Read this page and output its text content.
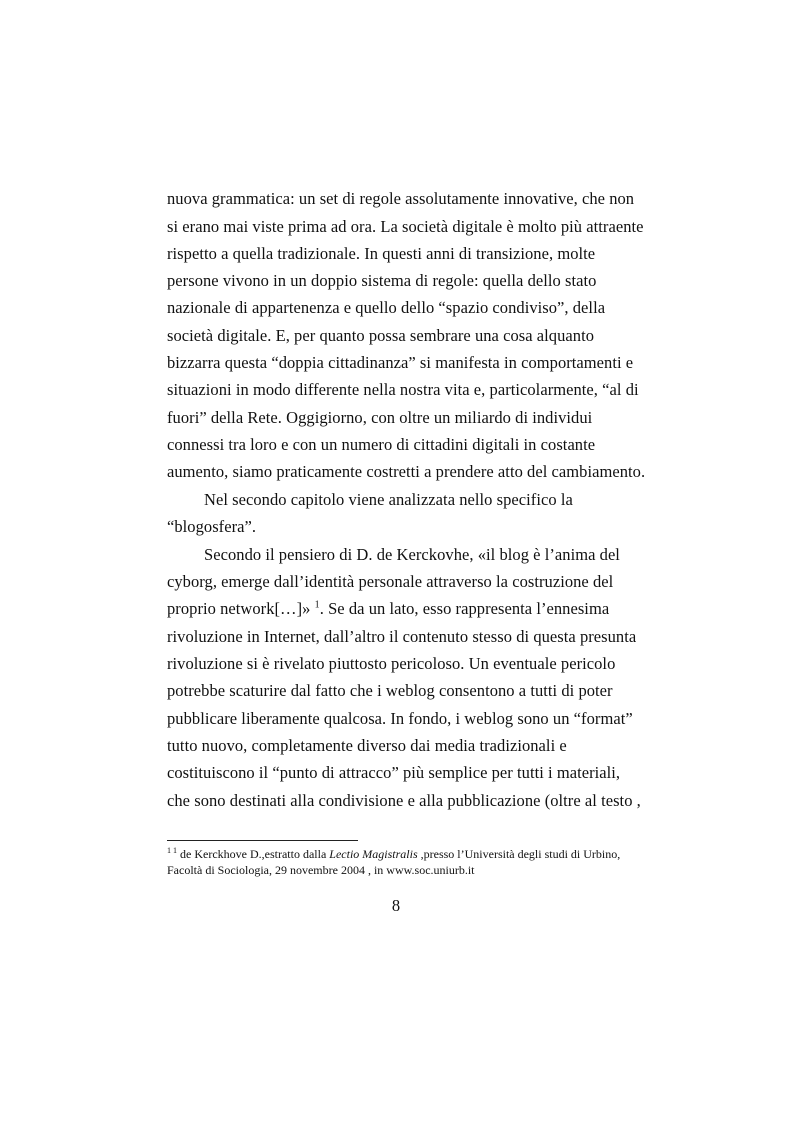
nuova grammatica: un set di regole assolutamente innovative, che non
si erano mai viste prima ad ora. La società digitale è molto più attraente
rispetto a quella tradizionale. In questi anni di transizione, molte
persone vivono in un doppio sistema di regole: quella dello stato
nazionale di appartenenza e quello dello “spazio condiviso”, della
società digitale. E, per quanto possa sembrare una cosa alquanto
bizzarra questa “doppia cittadinanza” si manifesta in comportamenti e
situazioni in modo differente nella nostra vita e, particolarmente, “al di
fuori” della Rete. Oggigiorno, con oltre un miliardo di individui
connessi tra loro e con un numero di cittadini digitali in costante
aumento, siamo praticamente costretti a prendere atto del cambiamento.
Nel secondo capitolo viene analizzata nello specifico la
“blogosfera”.
Secondo il pensiero di D. de Kerckovhe, «il blog è l’anima del
cyborg, emerge dall’identità personale attraverso la costruzione del
proprio network[…]» $^1$. Se da un lato, esso rappresenta l’ennesima
rivoluzione in Internet, dall’altro il contenuto stesso di questa presunta
rivoluzione si è rivelato piuttosto pericoloso. Un eventuale pericolo
potrebbe scaturire dal fatto che i weblog consentono a tutti di poter
pubblicare liberamente qualcosa. In fondo, i weblog sono un “format”
tutto nuovo, completamente diverso dai media tradizionali e
costituiscono il “punto di attracco” più semplice per tutti i materiali,
che sono destinati alla condivisione e alla pubblicazione (oltre al testo ,
$^{1 1}$ de Kerckhove D.,estratto dalla Lectio Magistralis ,presso l’Università degli studi di Urbino,
Facoltà di Sociologia, 29 novembre 2004 , in www.soc.uniurb.it
8
